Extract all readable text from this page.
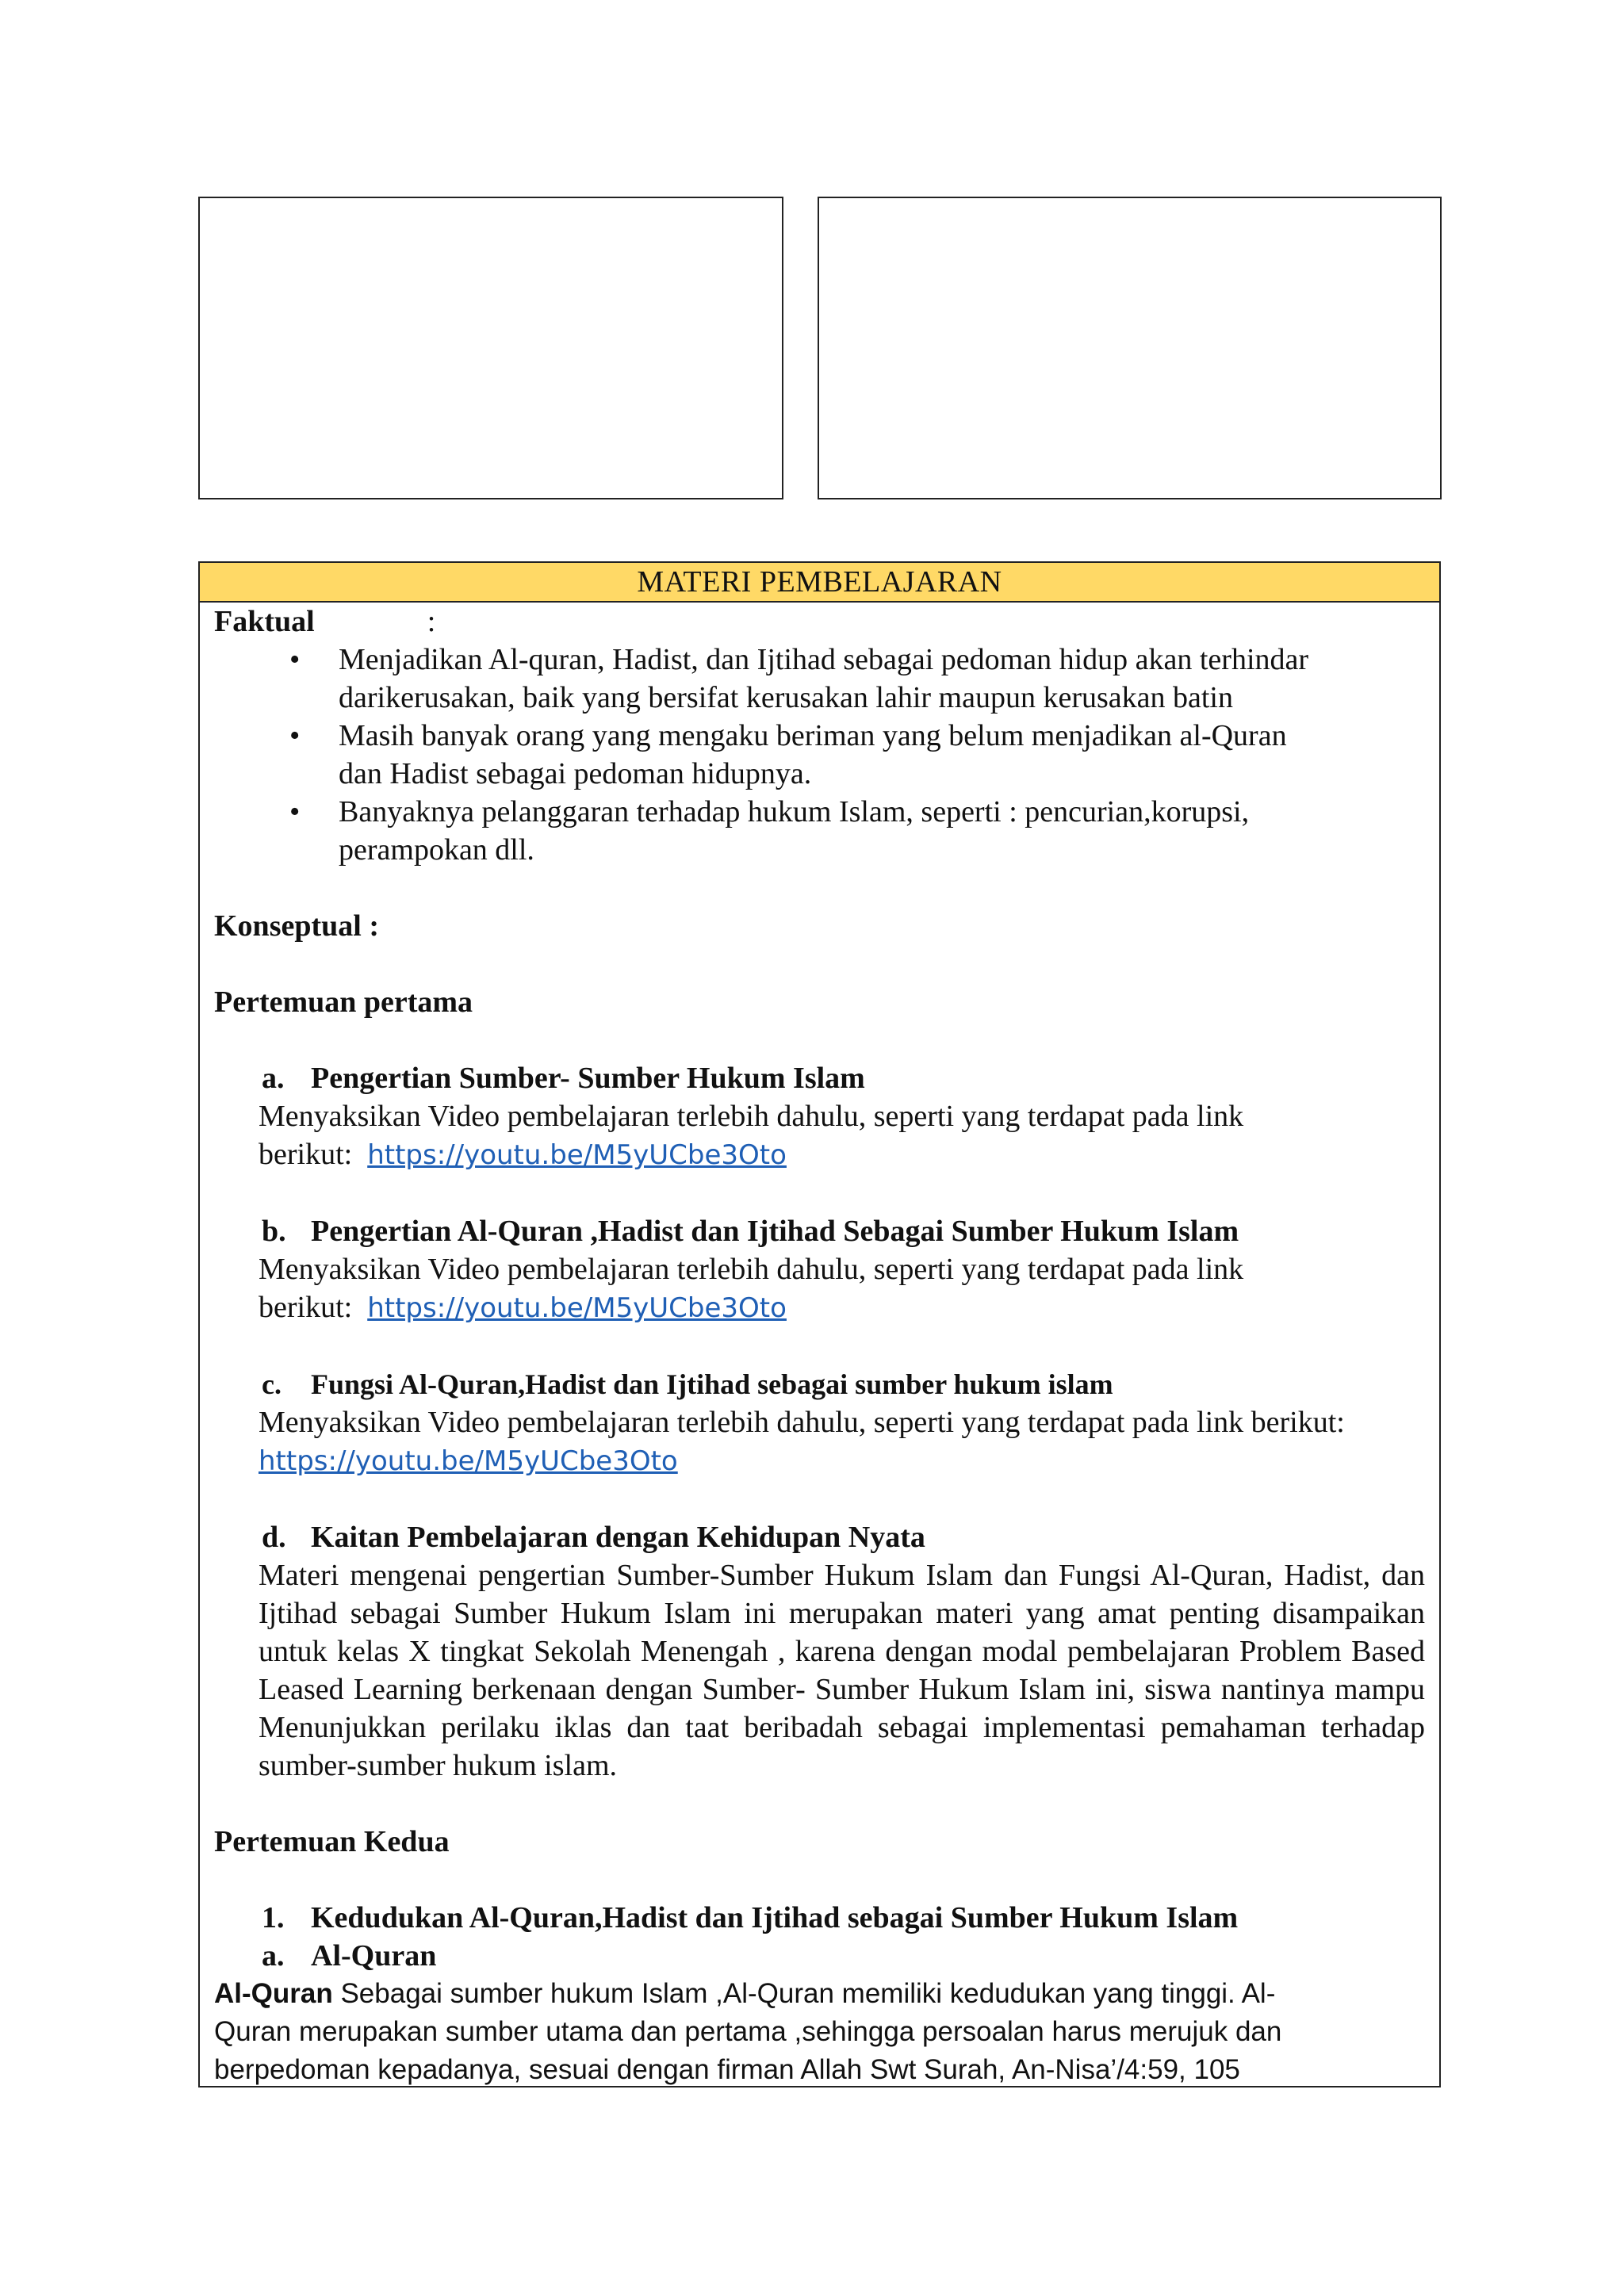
MATERI PEMBELAJARAN
Faktual	:
• Menjadikan Al-quran, Hadist, dan Ijtihad sebagai pedoman hidup akan terhindar
darikerusakan, baik yang bersifat kerusakan lahir maupun kerusakan batin
• Masih banyak orang yang mengaku beriman yang belum menjadikan al-Quran
dan Hadist sebagai pedoman hidupnya.
• Banyaknya pelanggaran terhadap hukum Islam, seperti : pencurian,korupsi,
perampokan dll.
Konseptual :
Pertemuan pertama
a. Pengertian Sumber- Sumber Hukum Islam
Menyaksikan Video pembelajaran terlebih dahulu, seperti yang terdapat pada link
berikut: https://youtu.be/M5yUCbe3Oto
b. Pengertian Al-Quran ,Hadist dan Ijtihad Sebagai Sumber Hukum Islam
Menyaksikan Video pembelajaran terlebih dahulu, seperti yang terdapat pada link
berikut: https://youtu.be/M5yUCbe3Oto
c. Fungsi Al-Quran,Hadist dan Ijtihad sebagai sumber hukum islam
Menyaksikan Video pembelajaran terlebih dahulu, seperti yang terdapat pada link berikut:
https://youtu.be/M5yUCbe3Oto
d. Kaitan Pembelajaran dengan Kehidupan Nyata
Materi mengenai pengertian Sumber-Sumber Hukum Islam dan Fungsi Al-Quran, Hadist, dan Ijtihad sebagai Sumber Hukum Islam ini merupakan materi yang amat penting disampaikan untuk kelas X tingkat Sekolah Menengah , karena dengan modal pembelajaran Problem Based Leased Learning berkenaan dengan Sumber- Sumber Hukum Islam ini, siswa nantinya mampu Menunjukkan perilaku iklas dan taat beribadah sebagai implementasi pemahaman terhadap sumber-sumber hukum islam.
Pertemuan Kedua
1. Kedudukan Al-Quran,Hadist dan Ijtihad sebagai Sumber Hukum Islam
a. Al-Quran
Al-Quran Sebagai sumber hukum Islam ,Al-Quran memiliki kedudukan yang tinggi. Al-
Quran merupakan sumber utama dan pertama ,sehingga persoalan harus merujuk dan
berpedoman kepadanya, sesuai dengan firman Allah Swt Surah, An-Nisa’/4:59, 105
